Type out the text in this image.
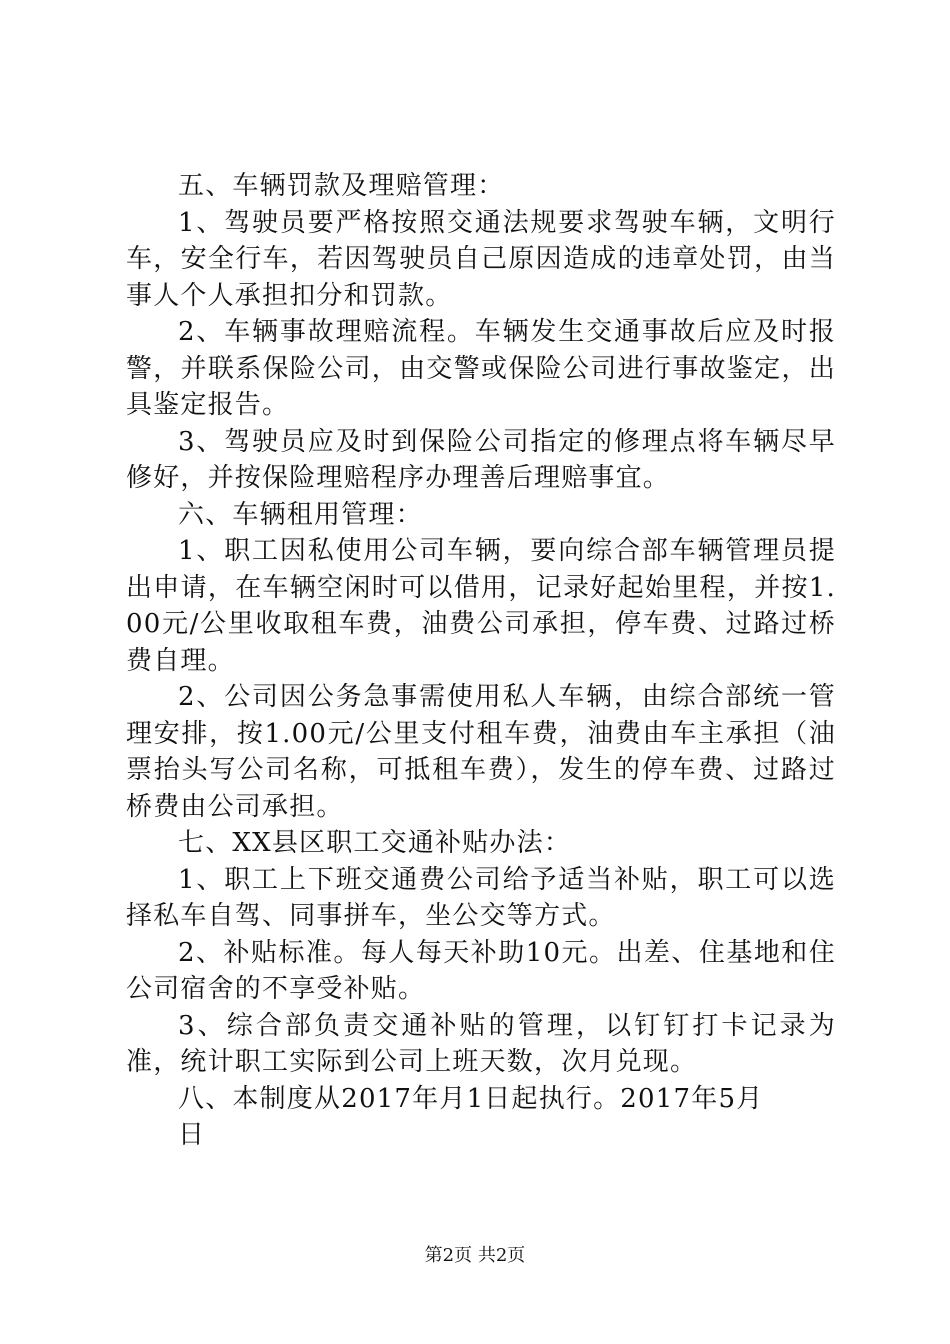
五、车辆罚款及理赔管理：

1、驾驶员要严格按照交通法规要求驾驶车辆，文明行车，安全行车，若因驾驶员自己原因造成的违章处罚，由当事人个人承担扣分和罚款。

2、车辆事故理赔流程。车辆发生交通事故后应及时报警，并联系保险公司，由交警或保险公司进行事故鉴定，出具鉴定报告。

3、驾驶员应及时到保险公司指定的修理点将车辆尽早修好，并按保险理赔程序办理善后理赔事宜。

六、车辆租用管理：

1、职工因私使用公司车辆，要向综合部车辆管理员提出申请，在车辆空闲时可以借用，记录好起始里程，并按1.00元/公里收取租车费，油费公司承担，停车费、过路过桥费自理。

2、公司因公务急事需使用私人车辆，由综合部统一管理安排，按1.00元/公里支付租车费，油费由车主承担（油票抬头写公司名称，可抵租车费），发生的停车费、过路过桥费由公司承担。

七、XX县区职工交通补贴办法：

1、职工上下班交通费公司给予适当补贴，职工可以选择私车自驾、同事拼车，坐公交等方式。

2、补贴标准。每人每天补助10元。出差、住基地和住公司宿舍的不享受补贴。

3、综合部负责交通补贴的管理，以钉钉打卡记录为准，统计职工实际到公司上班天数，次月兑现。

八、本制度从2017年月1日起执行。2017年5月

日

第2页 共2页
